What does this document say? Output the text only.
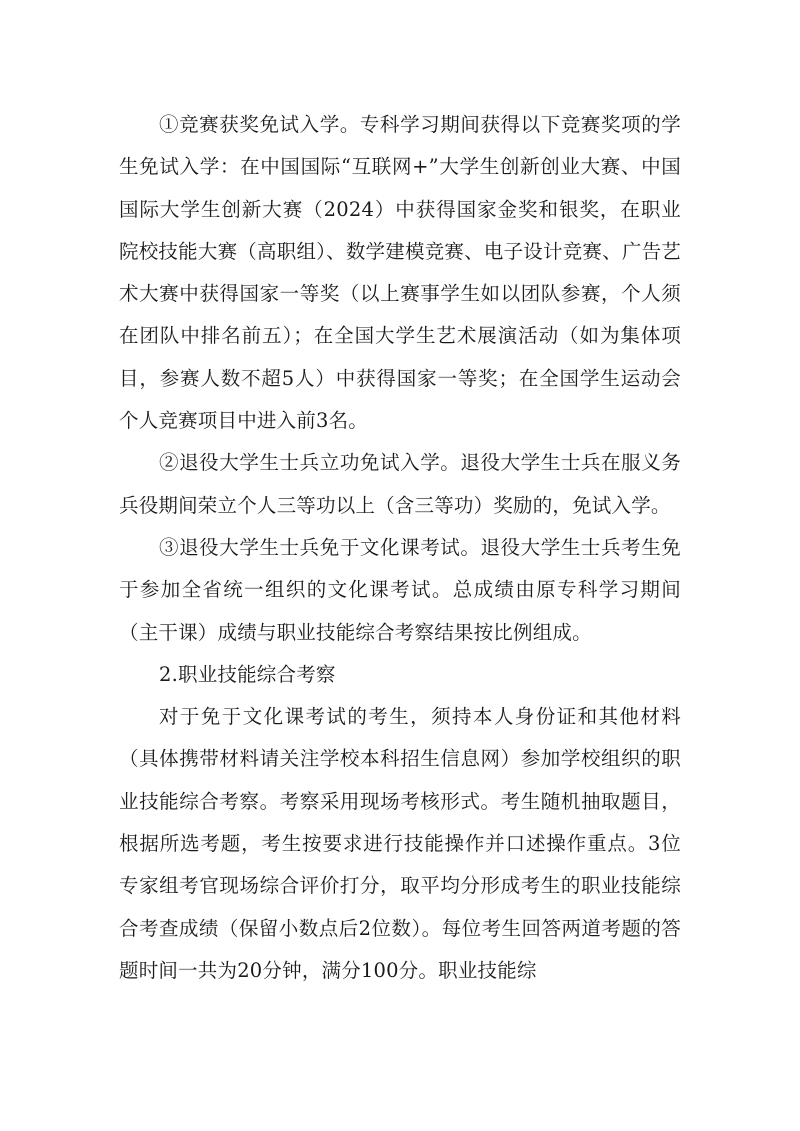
①竞赛获奖免试入学。专科学习期间获得以下竞赛奖项的学生免试入学：在中国国际“互联网+”大学生创新创业大赛、中国国际大学生创新大赛（2024）中获得国家金奖和银奖，在职业院校技能大赛（高职组）、数学建模竞赛、电子设计竞赛、广告艺术大赛中获得国家一等奖（以上赛事学生如以团队参赛，个人须在团队中排名前五）；在全国大学生艺术展演活动（如为集体项目，参赛人数不超5人）中获得国家一等奖；在全国学生运动会个人竞赛项目中进入前3名。

②退役大学生士兵立功免试入学。退役大学生士兵在服义务兵役期间荣立个人三等功以上（含三等功）奖励的，免试入学。

③退役大学生士兵免于文化课考试。退役大学生士兵考生免于参加全省统一组织的文化课考试。总成绩由原专科学习期间（主干课）成绩与职业技能综合考察结果按比例组成。

2.职业技能综合考察

对于免于文化课考试的考生，须持本人身份证和其他材料（具体携带材料请关注学校本科招生信息网）参加学校组织的职业技能综合考察。考察采用现场考核形式。考生随机抽取题目，根据所选考题，考生按要求进行技能操作并口述操作重点。3位专家组考官现场综合评价打分，取平均分形成考生的职业技能综合考查成绩（保留小数点后2位数）。每位考生回答两道考题的答题时间一共为20分钟，满分100分。职业技能综
